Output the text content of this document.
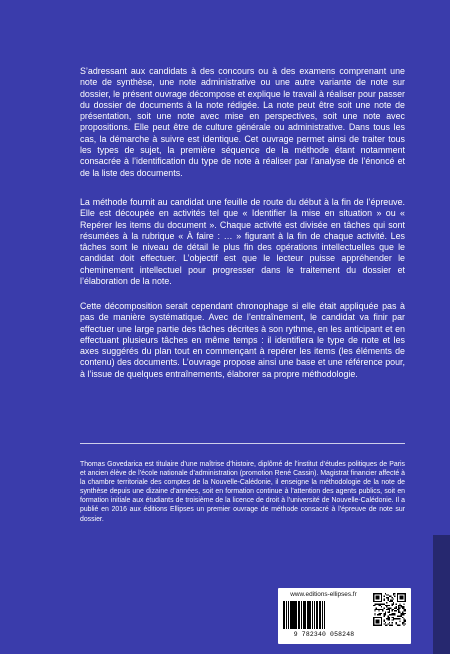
S’adressant aux candidats à des concours ou à des examens comprenant une note de synthèse, une note administrative ou une autre variante de note sur dossier, le présent ouvrage décompose et explique le travail à réaliser pour passer du dossier de documents à la note rédigée. La note peut être soit une note de présentation, soit une note avec mise en perspectives, soit une note avec propositions. Elle peut être de culture générale ou administrative. Dans tous les cas, la démarche à suivre est identique. Cet ouvrage permet ainsi de traiter tous les types de sujet, la première séquence de la méthode étant notamment consacrée à l’identification du type de note à réaliser par l’analyse de l’énoncé et de la liste des documents.

La méthode fournit au candidat une feuille de route du début à la fin de l’épreuve. Elle est découpée en activités tel que « Identifier la mise en situation » ou « Repérer les items du document ». Chaque activité est divisée en tâches qui sont résumées à la rubrique « À faire : … » figurant à la fin de chaque activité. Les tâches sont le niveau de détail le plus fin des opérations intellectuelles que le candidat doit effectuer. L’objectif est que le lecteur puisse appréhender le cheminement intellectuel pour progresser dans le traitement du dossier et l’élaboration de la note.

Cette décomposition serait cependant chronophage si elle était appliquée pas à pas de manière systématique. Avec de l’entraînement, le candidat va finir par effectuer une large partie des tâches décrites à son rythme, en les anticipant et en effectuant plusieurs tâches en même temps : il identifiera le type de note et les axes suggérés du plan tout en commençant à repérer les items (les éléments de contenu) des documents. L’ouvrage propose ainsi une base et une référence pour, à l’issue de quelques entraînements, élaborer sa propre méthodologie.

Thomas Govedarica est titulaire d’une maîtrise d’histoire, diplômé de l’institut d’études politiques de Paris et ancien élève de l’école nationale d’administration (promotion René Cassin). Magistrat financier affecté à la chambre territoriale des comptes de la Nouvelle-Calédonie, il enseigne la méthodologie de la note de synthèse depuis une dizaine d’années, soit en formation continue à l’attention des agents publics, soit en formation initiale aux étudiants de troisième de la licence de droit à l’université de Nouvelle-Calédonie. Il a publié en 2016 aux éditions Ellipses un premier ouvrage de méthode consacré à l’épreuve de note sur dossier.
www.editions-ellipses.fr
9 782340 058248
